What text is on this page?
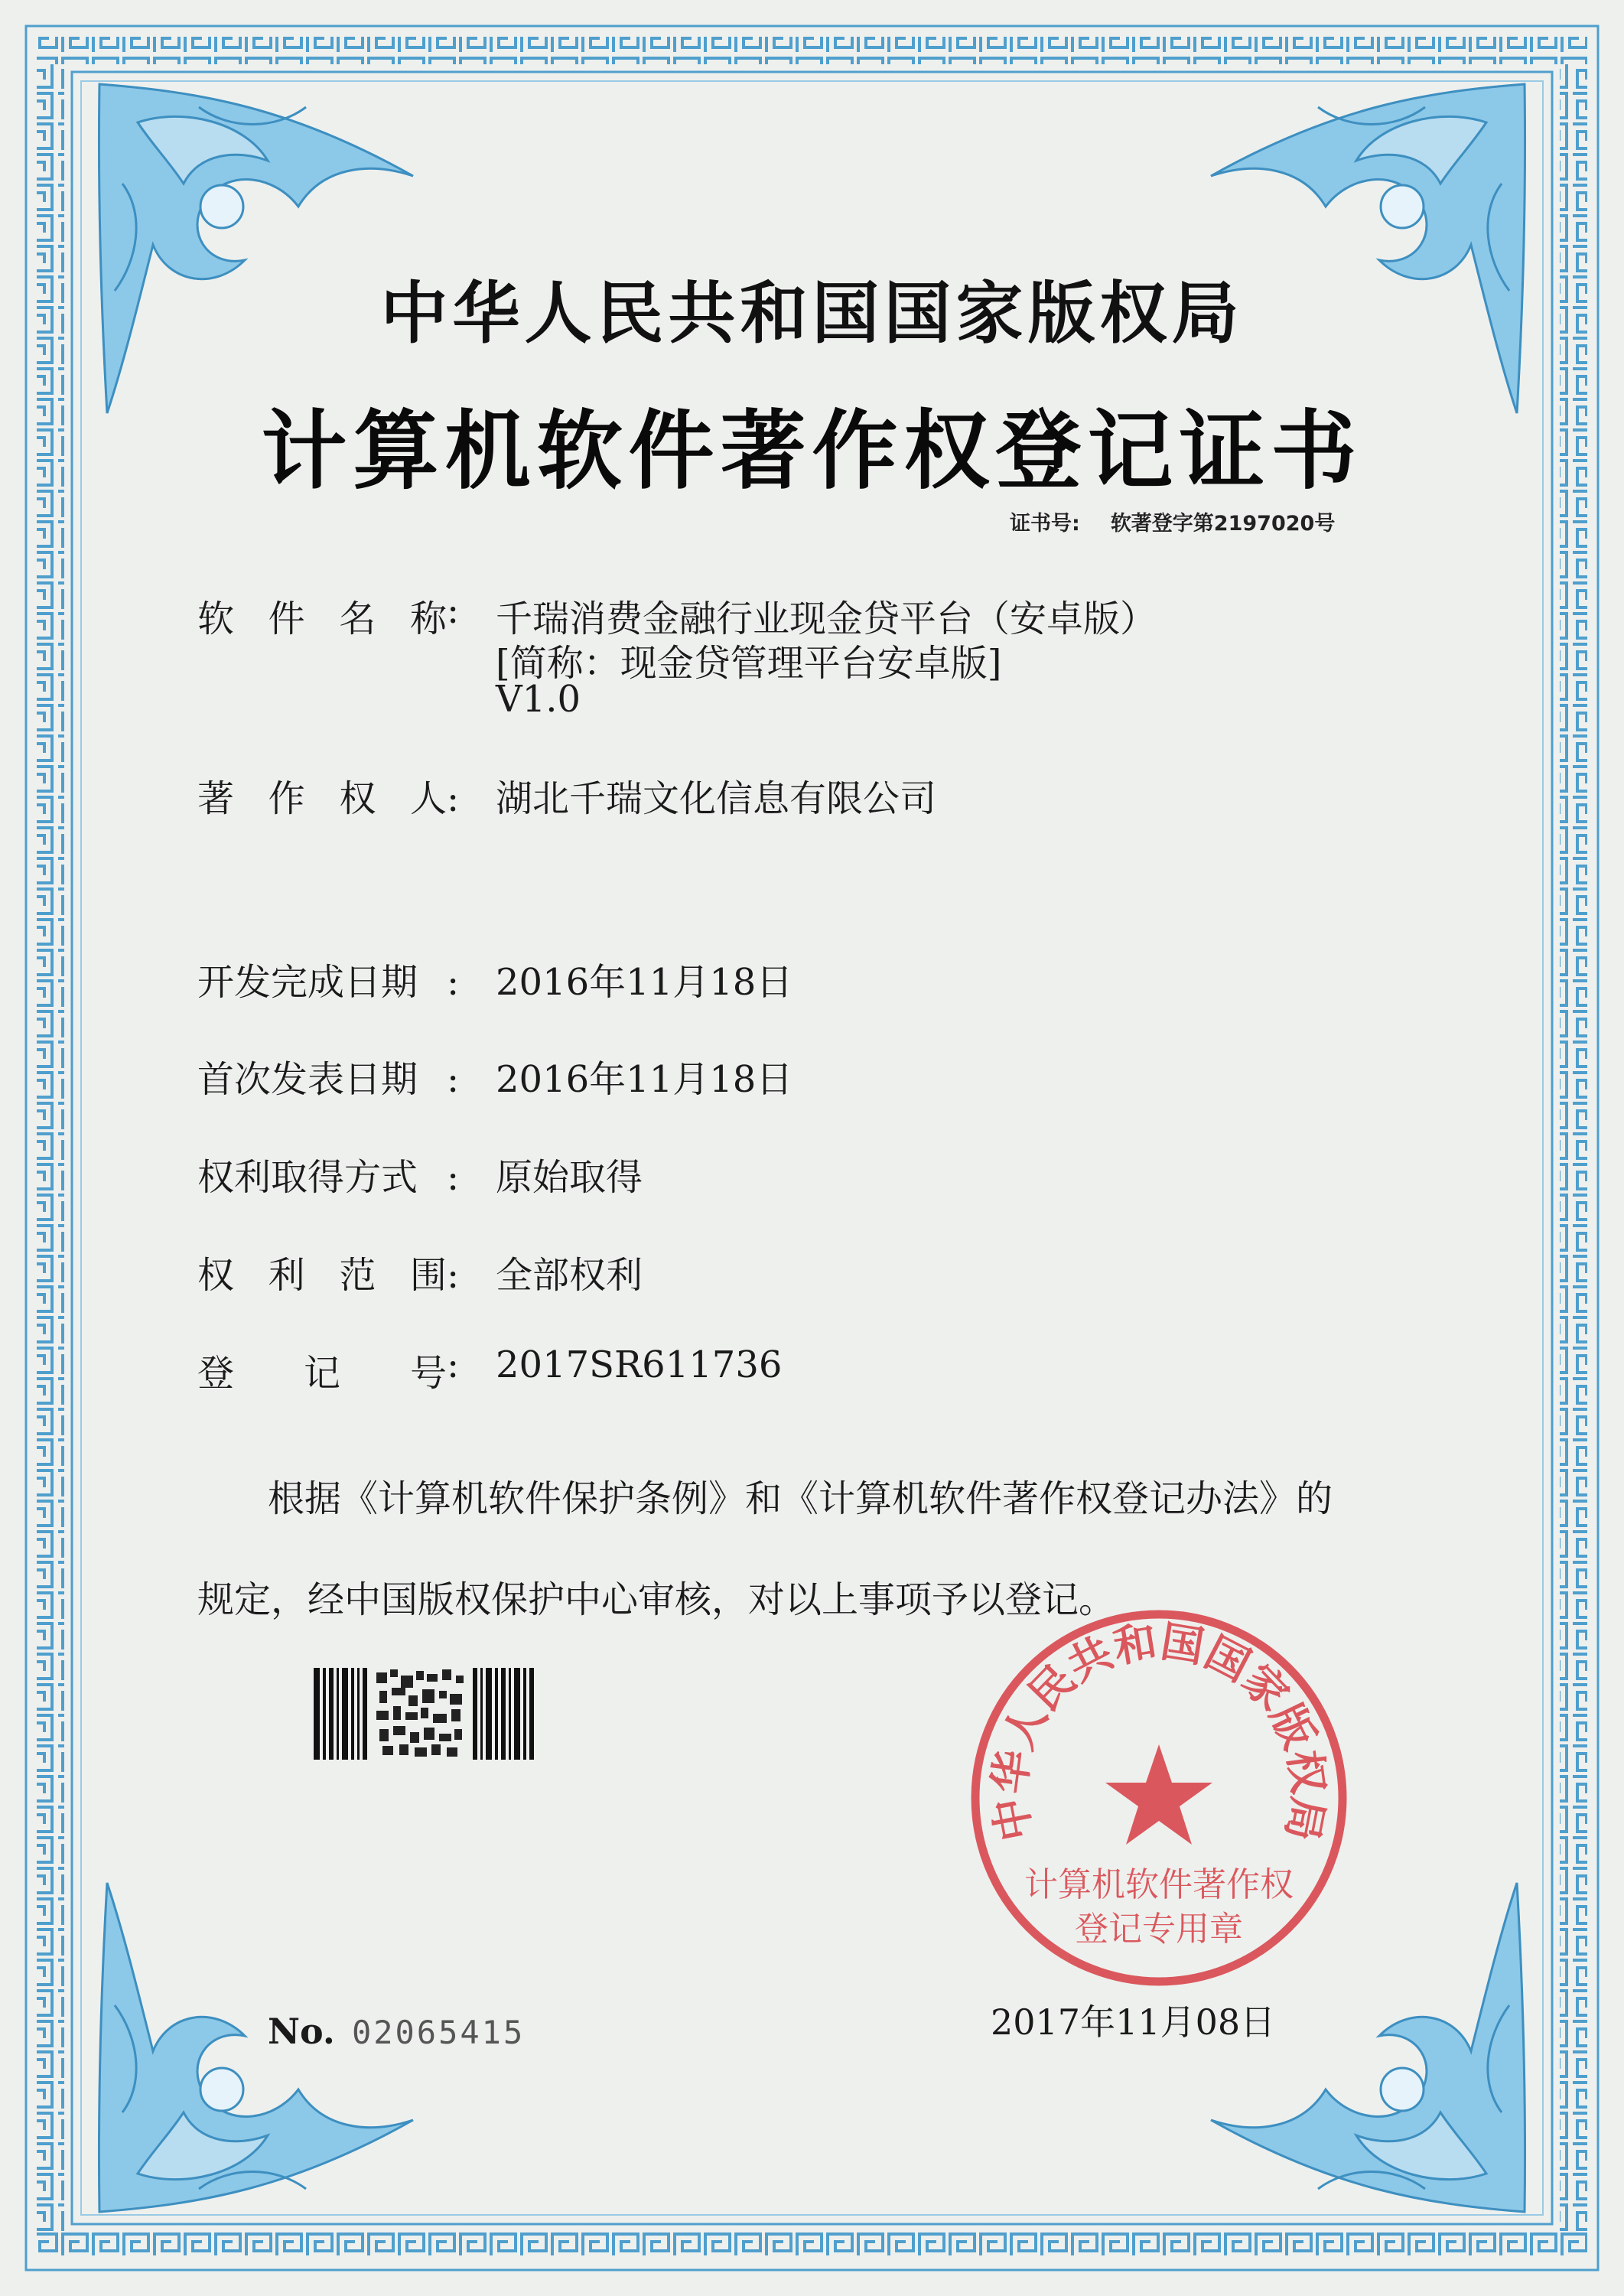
中华人民共和国国家版权局
计算机软件著作权登记证书
证书号: 软著登字第2197020号
软 件 名 称 : 千瑞消费金融行业现金贷平台（安卓版）
[简称：现金贷管理平台安卓版]
V1.0
著 作 权 人 : 湖北千瑞文化信息有限公司
开发完成日期 : 2016年11月18日
首次发表日期 : 2016年11月18日
权利取得方式 : 原始取得
权 利 范 围 : 全部权利
登 记 号 : 2017SR611736
根据《计算机软件保护条例》和《计算机软件著作权登记办法》的
规定，经中国版权保护中心审核，对以上事项予以登记。
No. 02065415
中华人民共和国国家版权局
计算机软件著作权
登记专用章
2017年11月08日
